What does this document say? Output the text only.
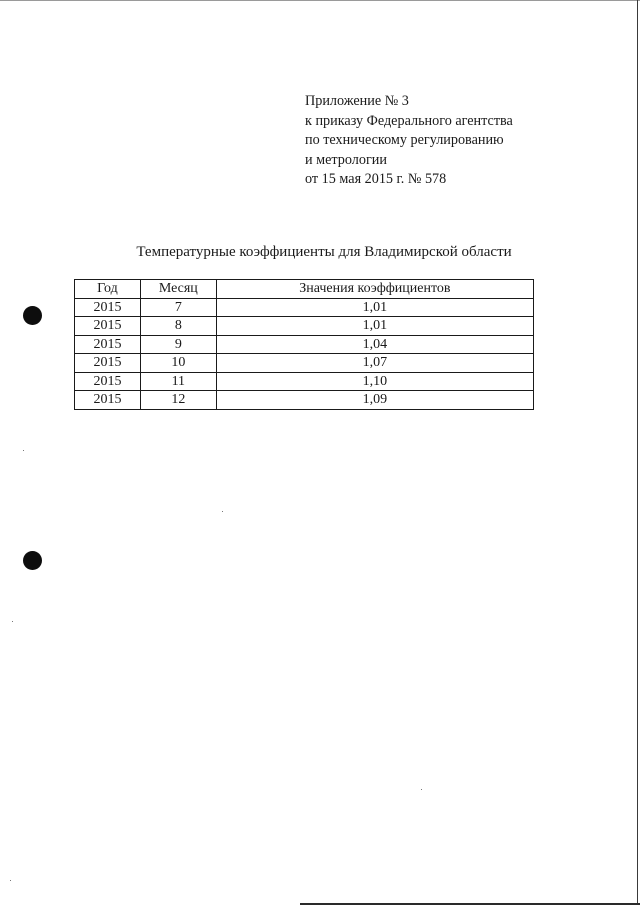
Приложение № 3
к приказу Федерального агентства
по техническому регулированию
и метрологии
от 15 мая 2015 г. № 578
Температурные коэффициенты для Владимирской области
Год	Месяц	Значения коэффициентов
2015	7	1,01
2015	8	1,01
2015	9	1,04
2015	10	1,07
2015	11	1,10
2015	12	1,09
